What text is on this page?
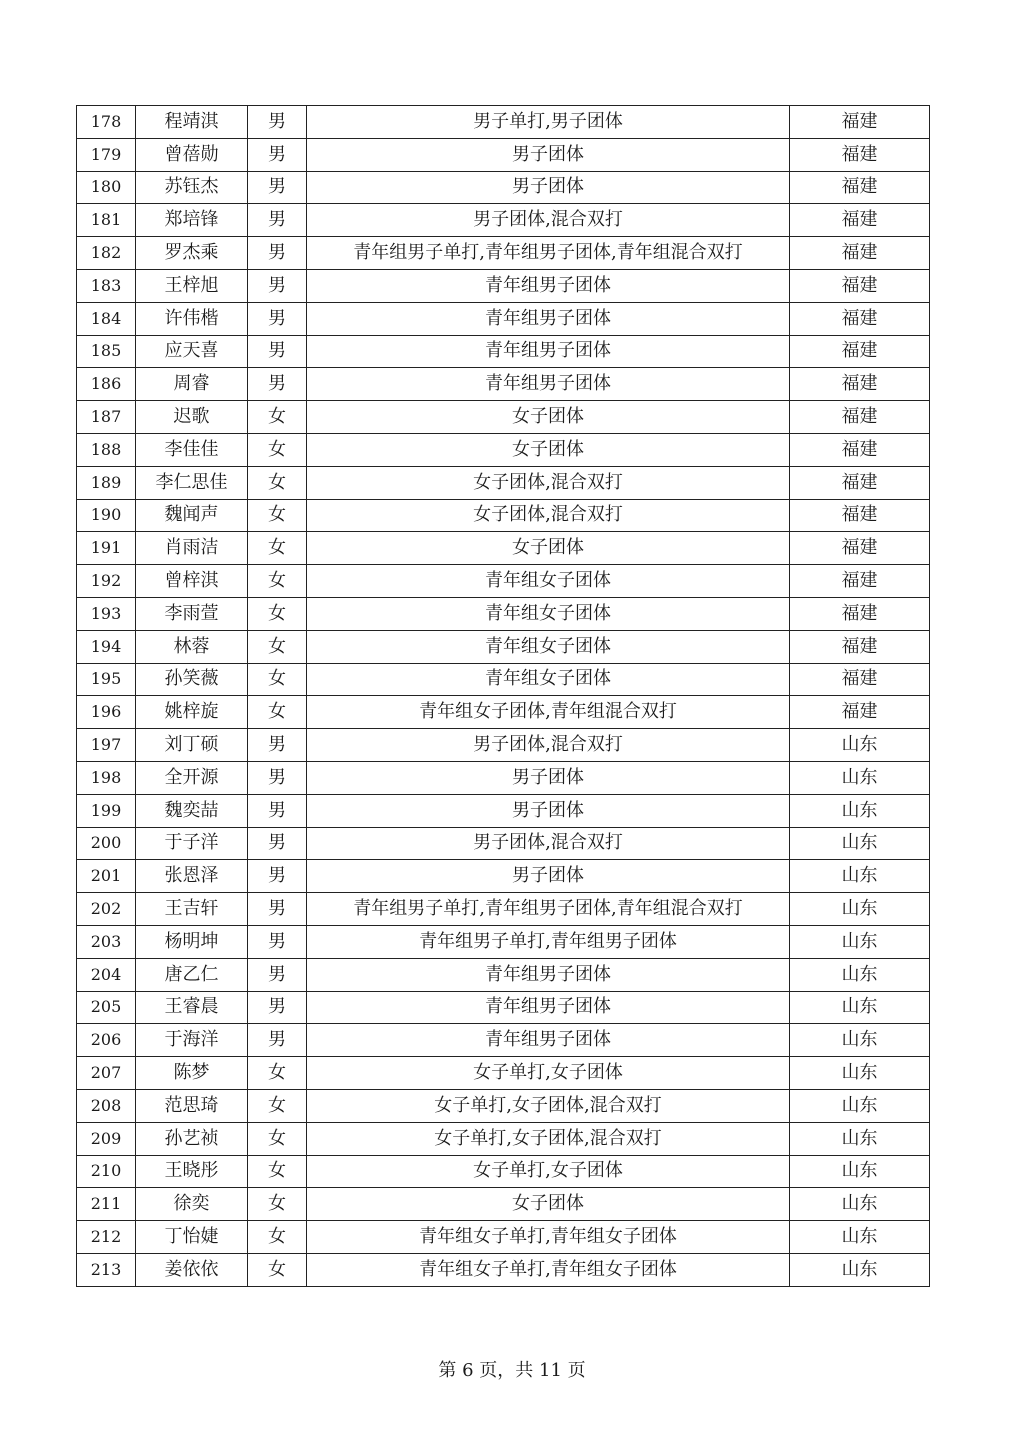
178	程靖淇	男	男子单打,男子团体	福建
179	曾蓓勋	男	男子团体	福建
180	苏钰杰	男	男子团体	福建
181	郑培锋	男	男子团体,混合双打	福建
182	罗杰乘	男	青年组男子单打,青年组男子团体,青年组混合双打	福建
183	王梓旭	男	青年组男子团体	福建
184	许伟楷	男	青年组男子团体	福建
185	应天喜	男	青年组男子团体	福建
186	周睿	男	青年组男子团体	福建
187	迟歌	女	女子团体	福建
188	李佳佳	女	女子团体	福建
189	李仁思佳	女	女子团体,混合双打	福建
190	魏闻声	女	女子团体,混合双打	福建
191	肖雨洁	女	女子团体	福建
192	曾梓淇	女	青年组女子团体	福建
193	李雨萱	女	青年组女子团体	福建
194	林蓉	女	青年组女子团体	福建
195	孙笑薇	女	青年组女子团体	福建
196	姚梓旋	女	青年组女子团体,青年组混合双打	福建
197	刘丁硕	男	男子团体,混合双打	山东
198	全开源	男	男子团体	山东
199	魏奕喆	男	男子团体	山东
200	于子洋	男	男子团体,混合双打	山东
201	张恩泽	男	男子团体	山东
202	王吉轩	男	青年组男子单打,青年组男子团体,青年组混合双打	山东
203	杨明坤	男	青年组男子单打,青年组男子团体	山东
204	唐乙仁	男	青年组男子团体	山东
205	王睿晨	男	青年组男子团体	山东
206	于海洋	男	青年组男子团体	山东
207	陈梦	女	女子单打,女子团体	山东
208	范思琦	女	女子单打,女子团体,混合双打	山东
209	孙艺祯	女	女子单打,女子团体,混合双打	山东
210	王晓彤	女	女子单打,女子团体	山东
211	徐奕	女	女子团体	山东
212	丁怡婕	女	青年组女子单打,青年组女子团体	山东
213	姜依依	女	青年组女子单打,青年组女子团体	山东
第 6 页，共 11 页
